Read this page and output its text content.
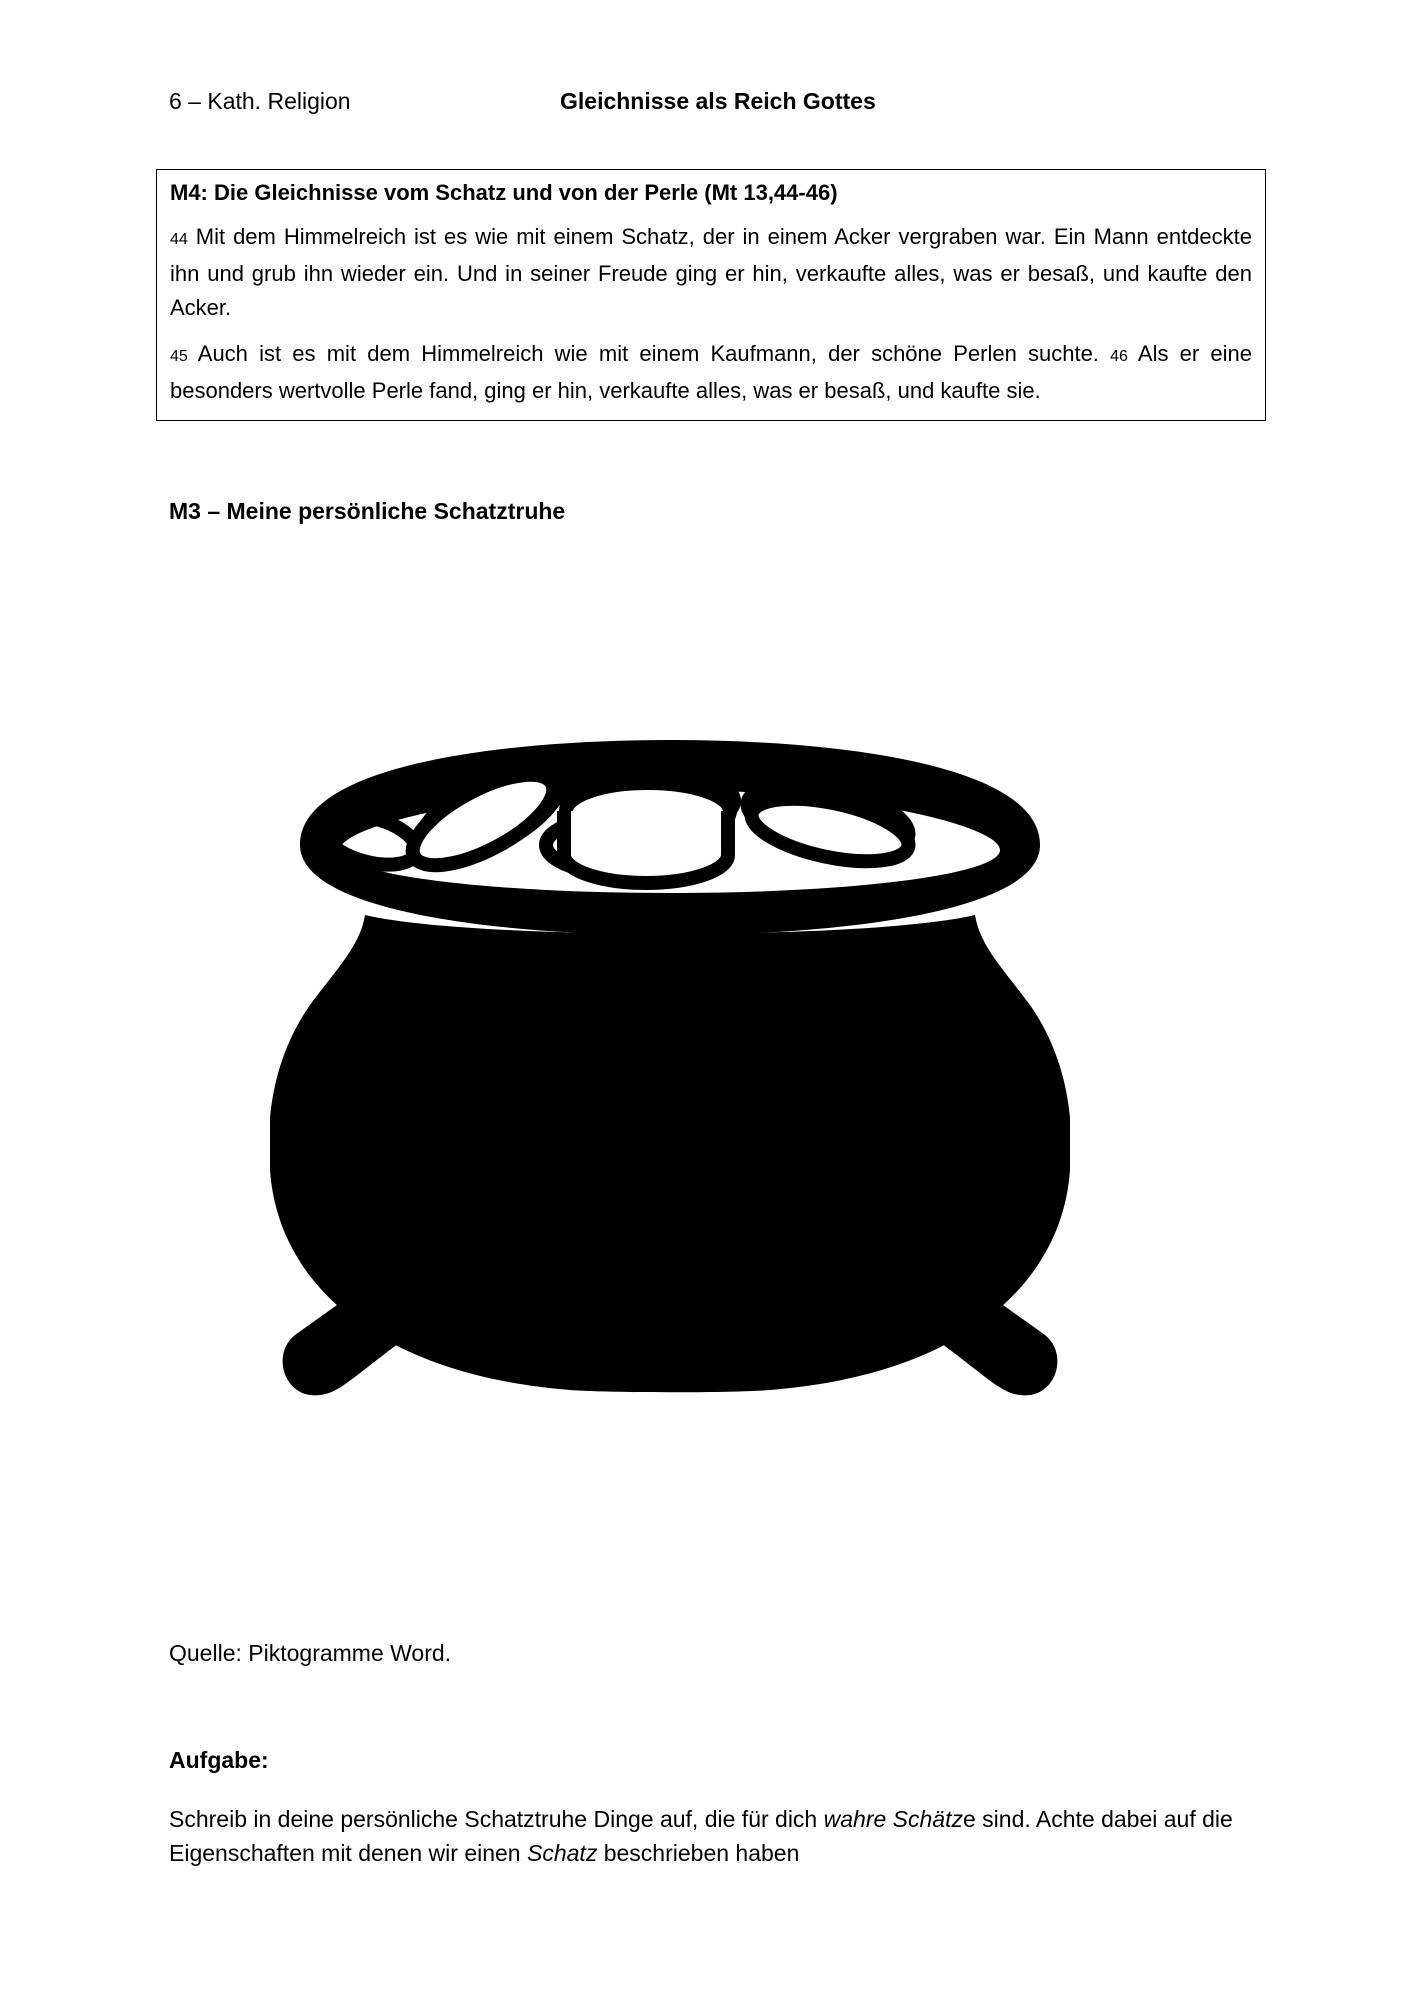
6 – Kath. Religion	Gleichnisse als Reich Gottes
M4: Die Gleichnisse vom Schatz und von der Perle (Mt 13,44-46)
44 Mit dem Himmelreich ist es wie mit einem Schatz, der in einem Acker vergraben war. Ein Mann entdeckte ihn und grub ihn wieder ein. Und in seiner Freude ging er hin, verkaufte alles, was er besaß, und kaufte den Acker.
45 Auch ist es mit dem Himmelreich wie mit einem Kaufmann, der schöne Perlen suchte. 46 Als er eine besonders wertvolle Perle fand, ging er hin, verkaufte alles, was er besaß, und kaufte sie.
M3 – Meine persönliche Schatztruhe
Quelle: Piktogramme Word.
Aufgabe:
Schreib in deine persönliche Schatztruhe Dinge auf, die für dich wahre Schätze sind. Achte dabei auf die Eigenschaften mit denen wir einen Schatz beschrieben haben
